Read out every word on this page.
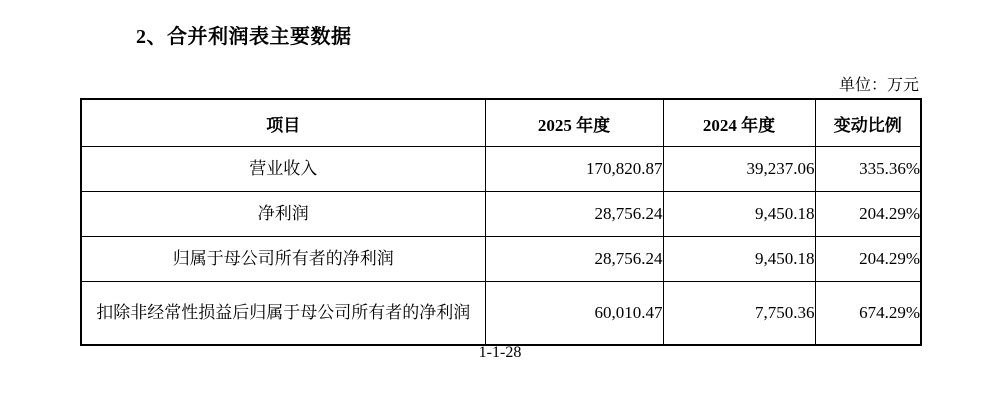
2、合并利润表主要数据
单位：万元
项目	2025 年度	2024 年度	变动比例
营业收入	170,820.87	39,237.06	335.36%
净利润	28,756.24	9,450.18	204.29%
归属于母公司所有者的净利润	28,756.24	9,450.18	204.29%
扣除非经常性损益后归属于母公司所有者的净利润	60,010.47	7,750.36	674.29%
1-1-28
